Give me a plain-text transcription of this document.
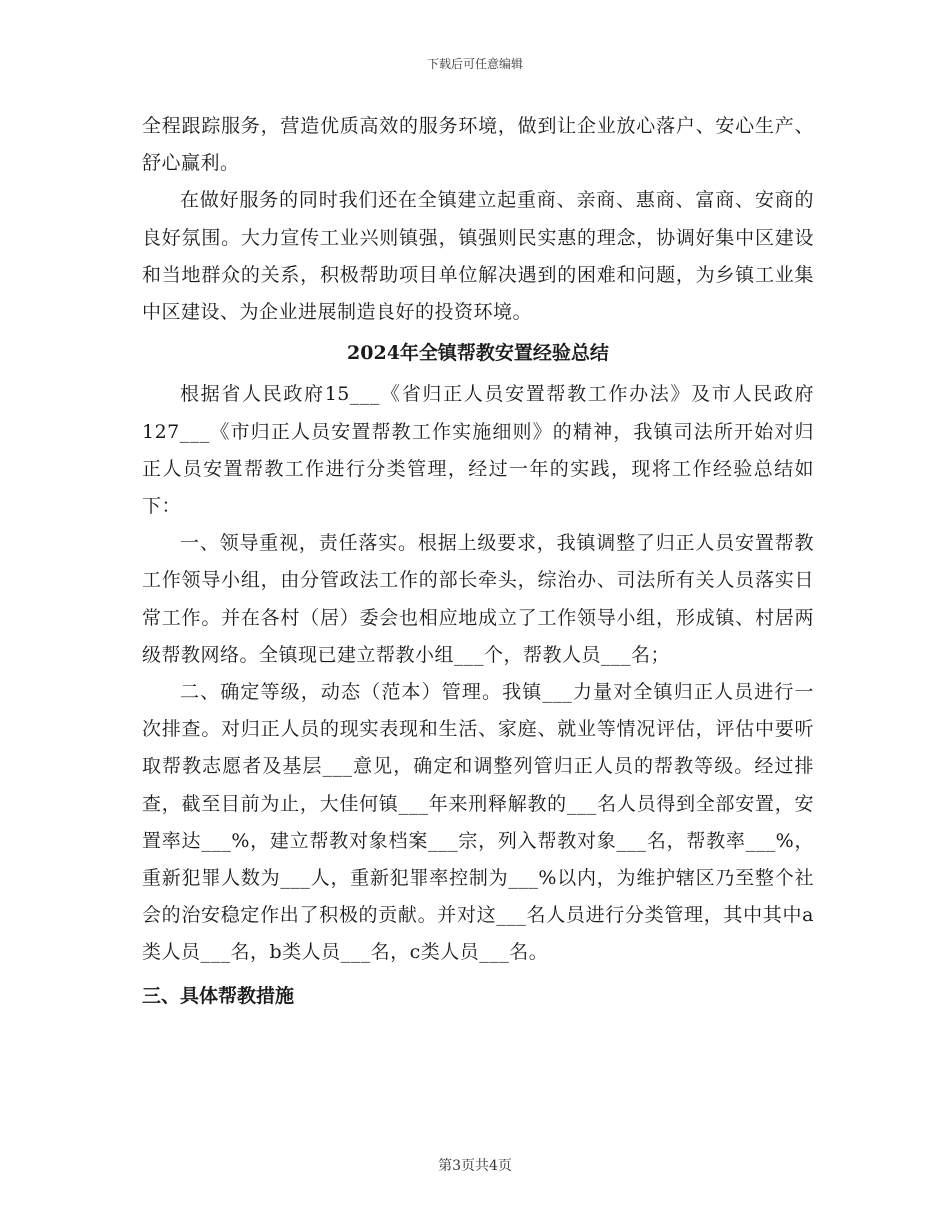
下载后可任意编辑

全程跟踪服务，营造优质高效的服务环境，做到让企业放心落户、安心生产、舒心赢利。

在做好服务的同时我们还在全镇建立起重商、亲商、惠商、富商、安商的良好氛围。大力宣传工业兴则镇强，镇强则民实惠的理念，协调好集中区建设和当地群众的关系，积极帮助项目单位解决遇到的困难和问题，为乡镇工业集中区建设、为企业进展制造良好的投资环境。

2024年全镇帮教安置经验总结

根据省人民政府15___《省归正人员安置帮教工作办法》及市人民政府127___《市归正人员安置帮教工作实施细则》的精神，我镇司法所开始对归正人员安置帮教工作进行分类管理，经过一年的实践，现将工作经验总结如下：

一、领导重视，责任落实。根据上级要求，我镇调整了归正人员安置帮教工作领导小组，由分管政法工作的部长牵头，综治办、司法所有关人员落实日常工作。并在各村（居）委会也相应地成立了工作领导小组，形成镇、村居两级帮教网络。全镇现已建立帮教小组___个，帮教人员___名；

二、确定等级，动态（范本）管理。我镇___力量对全镇归正人员进行一次排查。对归正人员的现实表现和生活、家庭、就业等情况评估，评估中要听取帮教志愿者及基层___意见，确定和调整列管归正人员的帮教等级。经过排查，截至目前为止，大佳何镇___年来刑释解教的___名人员得到全部安置，安置率达___%，建立帮教对象档案___宗，列入帮教对象___名，帮教率___%，重新犯罪人数为___人，重新犯罪率控制为___%以内，为维护辖区乃至整个社会的治安稳定作出了积极的贡献。并对这___名人员进行分类管理，其中其中a类人员___名，b类人员___名，c类人员___名。

三、具体帮教措施
第3页共4页
